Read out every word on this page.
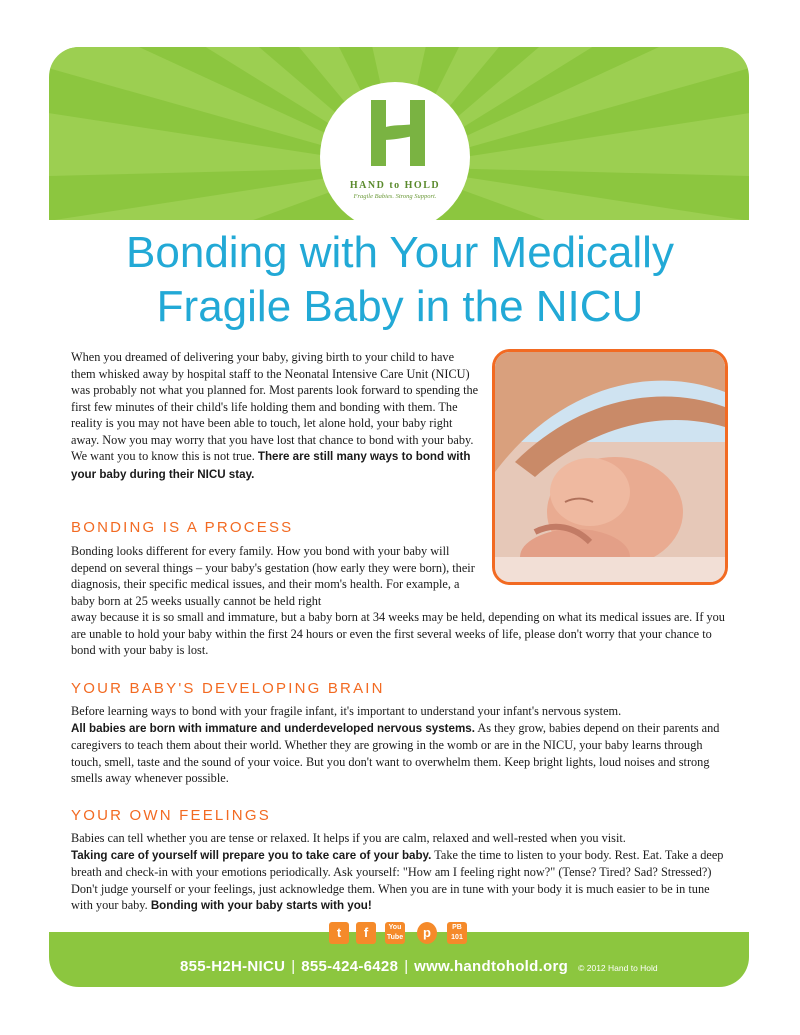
HAND to HOLD
Fragile Babies. Strong Support.
Bonding with Your Medically
Fragile Baby in the NICU

When you dreamed of delivering your baby, giving birth to your child to have them whisked away by hospital staff to the Neonatal Intensive Care Unit (NICU) was probably not what you planned for. Most parents look forward to spending the first few minutes of their child's life holding them and bonding with them. The reality is you may not have been able to touch, let alone hold, your baby right away. Now you may worry that you have lost that chance to bond with your baby. We want you to know this is not true. There are still many ways to bond with your baby during their NICU stay.

BONDING IS A PROCESS

Bonding looks different for every family. How you bond with your baby will depend on several things – your baby's gestation (how early they were born), their diagnosis, their specific medical issues, and their mom's health. For example, a baby born at 25 weeks usually cannot be held right

away because it is so small and immature, but a baby born at 34 weeks may be held, depending on what its medical issues are. If you are unable to hold your baby within the first 24 hours or even the first several weeks of life, please don't worry that your chance to bond with your baby is lost.

YOUR BABY'S DEVELOPING BRAIN

Before learning ways to bond with your fragile infant, it's important to understand your infant's nervous system.
All babies are born with immature and underdeveloped nervous systems. As they grow, babies depend on their parents and caregivers to teach them about their world. Whether they are growing in the womb or are in the NICU, your baby learns through touch, smell, taste and the sound of your voice. But you don't want to overwhelm them. Keep bright lights, loud noises and strong smells away whenever possible.

YOUR OWN FEELINGS

Babies can tell whether you are tense or relaxed. It helps if you are calm, relaxed and well-rested when you visit.
Taking care of yourself will prepare you to take care of your baby. Take the time to listen to your body. Rest. Eat. Take a deep breath and check-in with your emotions periodically. Ask yourself: "How am I feeling right now?" (Tense? Tired? Sad? Stressed?) Don't judge yourself or your feelings, just acknowledge them. When you are in tune with your body it is much easier to be in tune with your baby. Bonding with your baby starts with you!

t	f	You Tube	p	PB 101
855-H2H-NICU | 855-424-6428 | www.handtohold.org © 2012 Hand to Hold
